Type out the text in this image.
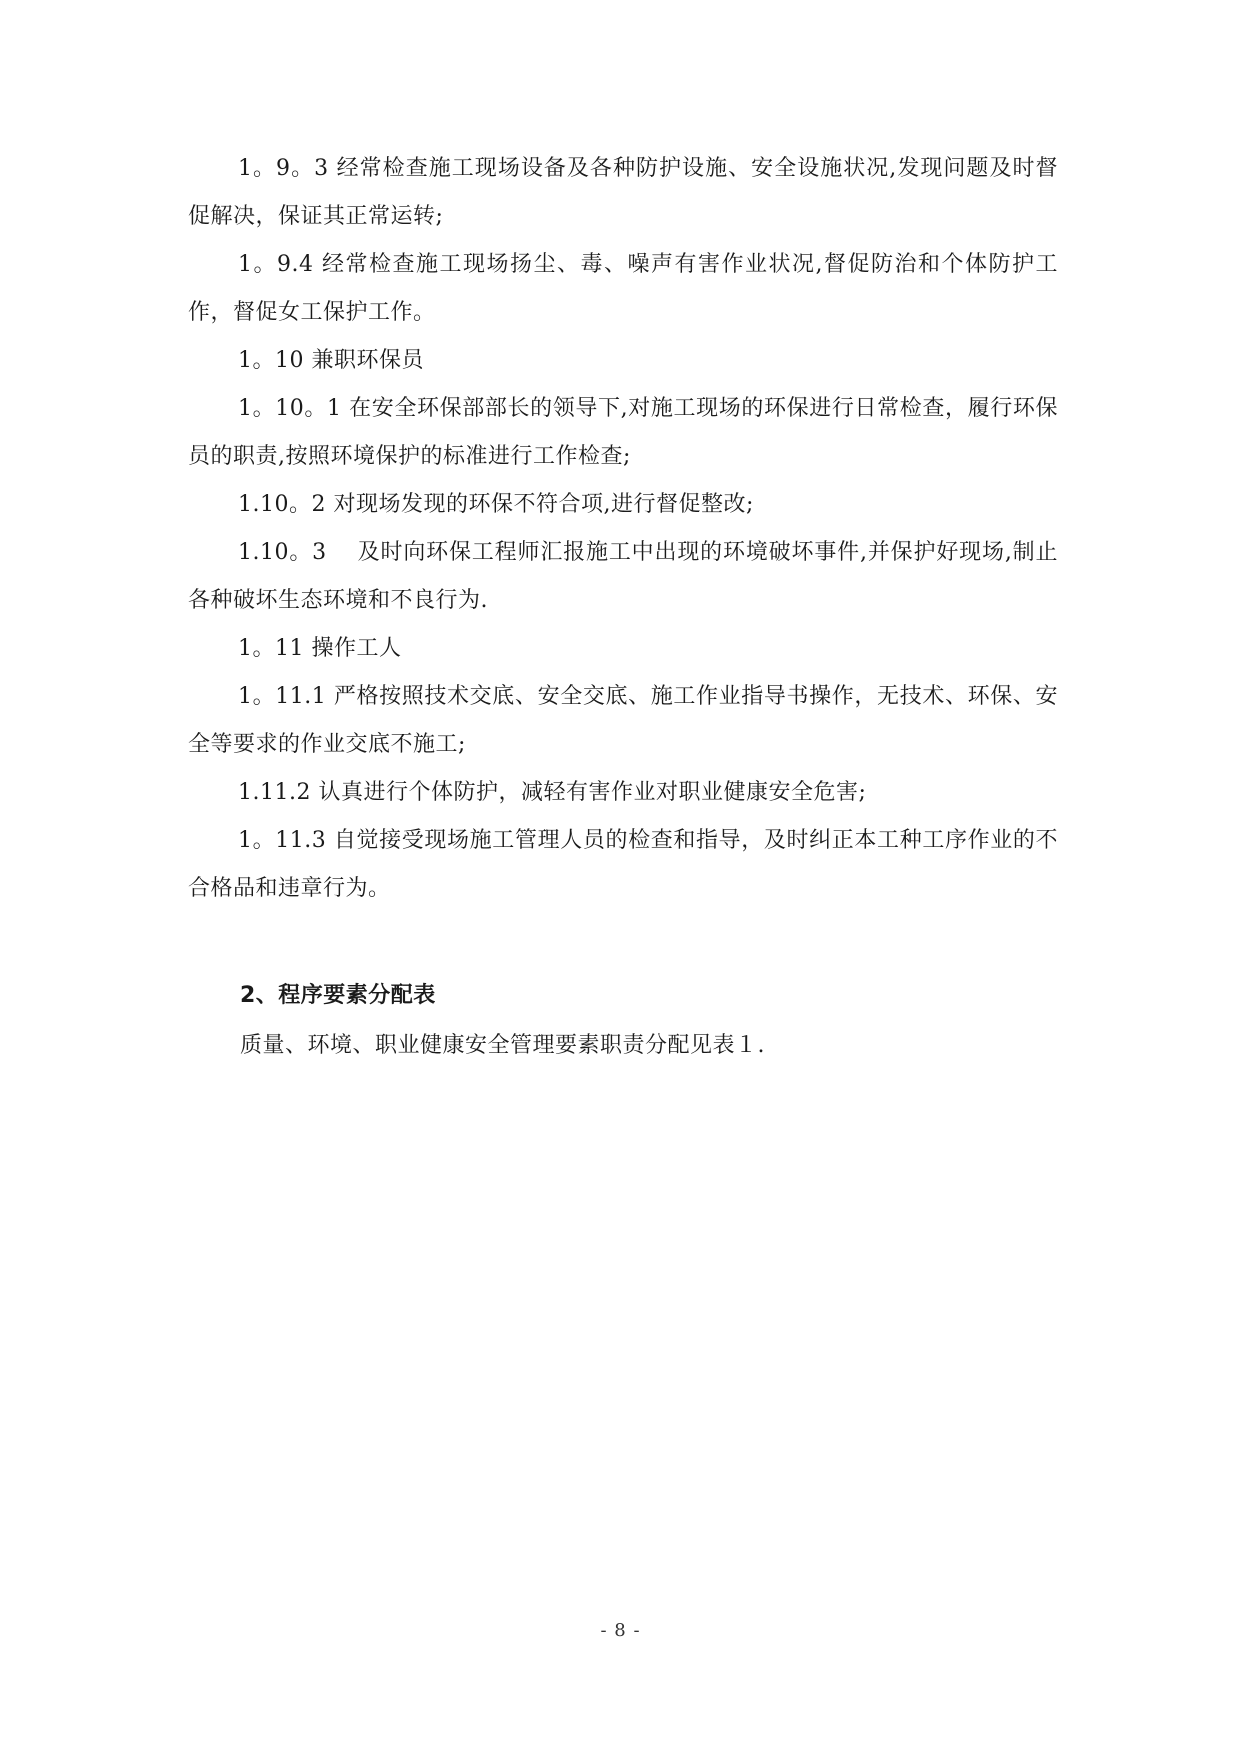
1。9。3 经常检查施工现场设备及各种防护设施、安全设施状况,发现问题及时督促解决，保证其正常运转;

1。9.4 经常检查施工现场扬尘、毒、噪声有害作业状况,督促防治和个体防护工作，督促女工保护工作。

1。10 兼职环保员

1。10。1 在安全环保部部长的领导下,对施工现场的环保进行日常检查，履行环保员的职责,按照环境保护的标准进行工作检查;

1.10。2 对现场发现的环保不符合项,进行督促整改;

1.10。3　 及时向环保工程师汇报施工中出现的环境破坏事件,并保护好现场,制止各种破坏生态环境和不良行为.

1。11 操作工人

1。11.1 严格按照技术交底、安全交底、施工作业指导书操作，无技术、环保、安全等要求的作业交底不施工;

1.11.2 认真进行个体防护，减轻有害作业对职业健康安全危害;

1。11.3 自觉接受现场施工管理人员的检查和指导，及时纠正本工种工序作业的不合格品和违章行为。

2、程序要素分配表

质量、环境、职业健康安全管理要素职责分配见表１.

- 8 -
